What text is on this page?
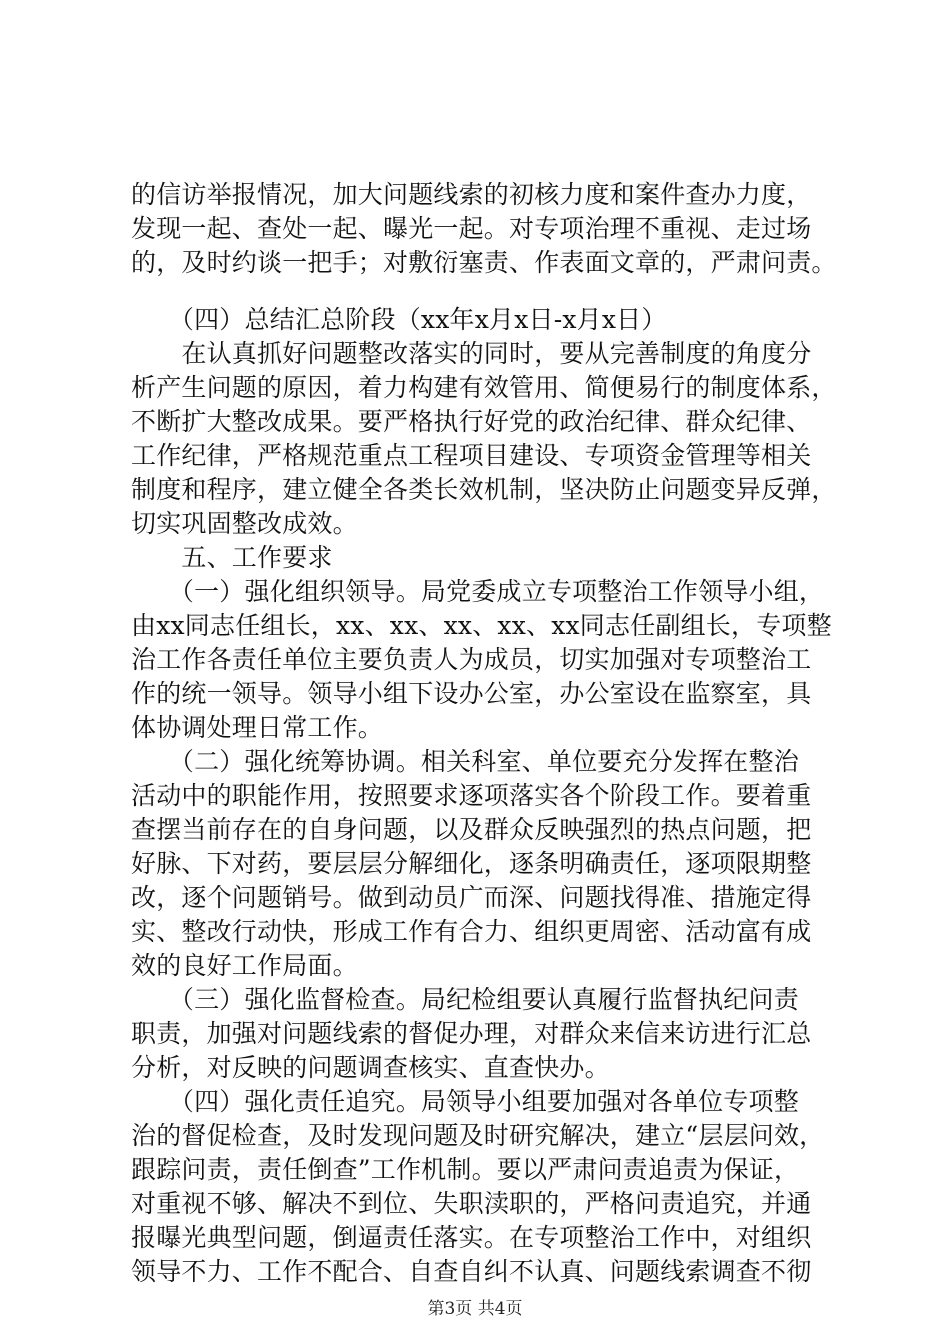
的信访举报情况，加大问题线索的初核力度和案件查办力度，
发现一起、查处一起、曝光一起。对专项治理不重视、走过场
的，及时约谈一把手；对敷衍塞责、作表面文章的，严肃问责。
　　（四）总结汇总阶段（xx年x月x日-x月x日）
　　在认真抓好问题整改落实的同时，要从完善制度的角度分
析产生问题的原因，着力构建有效管用、简便易行的制度体系，
不断扩大整改成果。要严格执行好党的政治纪律、群众纪律、
工作纪律，严格规范重点工程项目建设、专项资金管理等相关
制度和程序，建立健全各类长效机制，坚决防止问题变异反弹，
切实巩固整改成效。
　　五、工作要求
　　（一）强化组织领导。局党委成立专项整治工作领导小组，
由xx同志任组长，xx、xx、xx、xx、xx同志任副组长，专项整
治工作各责任单位主要负责人为成员，切实加强对专项整治工
作的统一领导。领导小组下设办公室，办公室设在监察室，具
体协调处理日常工作。
　　（二）强化统筹协调。相关科室、单位要充分发挥在整治
活动中的职能作用，按照要求逐项落实各个阶段工作。要着重
查摆当前存在的自身问题，以及群众反映强烈的热点问题，把
好脉、下对药，要层层分解细化，逐条明确责任，逐项限期整
改，逐个问题销号。做到动员广而深、问题找得准、措施定得
实、整改行动快，形成工作有合力、组织更周密、活动富有成
效的良好工作局面。
　　（三）强化监督检查。局纪检组要认真履行监督执纪问责
职责，加强对问题线索的督促办理，对群众来信来访进行汇总
分析，对反映的问题调查核实、直查快办。
　　（四）强化责任追究。局领导小组要加强对各单位专项整
治的督促检查，及时发现问题及时研究解决，建立“层层问效，
跟踪问责，责任倒查”工作机制。要以严肃问责追责为保证，
对重视不够、解决不到位、失职渎职的，严格问责追究，并通
报曝光典型问题，倒逼责任落实。在专项整治工作中，对组织
领导不力、工作不配合、自查自纠不认真、问题线索调查不彻
第3页 共4页
